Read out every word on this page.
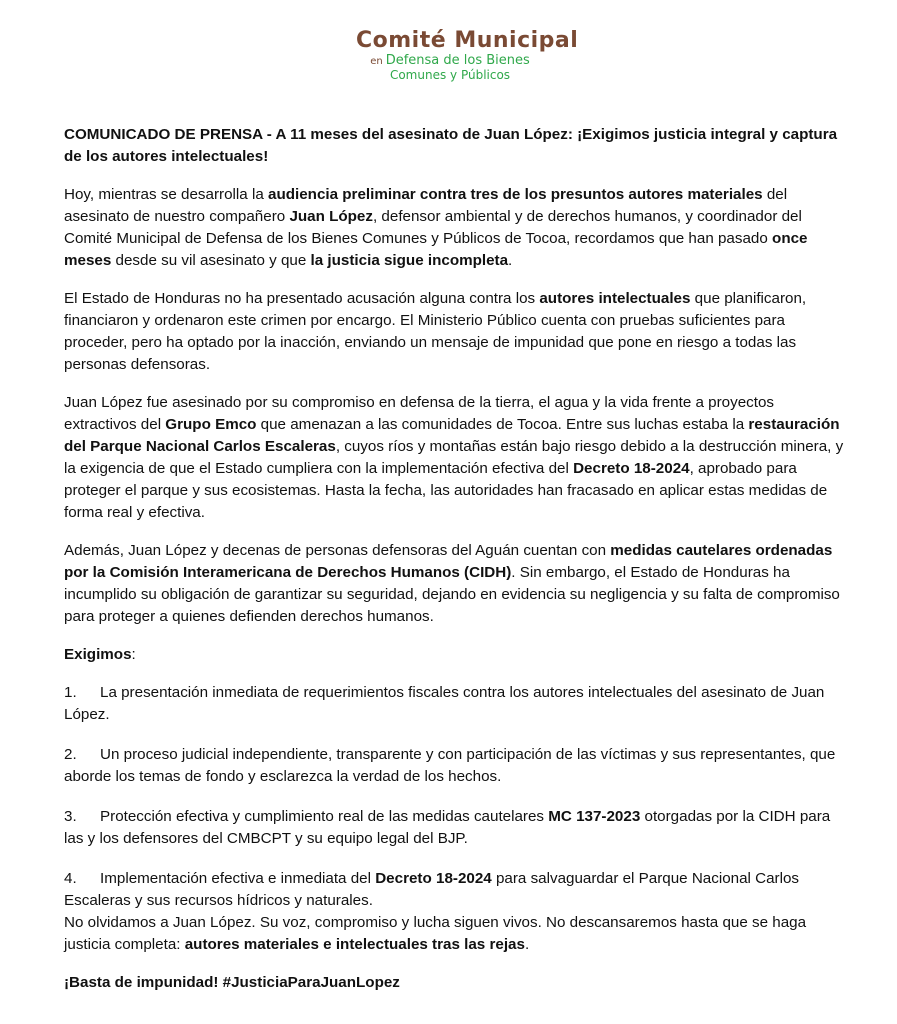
Comité Municipal
en Defensa de los Bienes
Comunes y Públicos
COMUNICADO DE PRENSA - A 11 meses del asesinato de Juan López: ¡Exigimos justicia integral y captura de los autores intelectuales!

Hoy, mientras se desarrolla la audiencia preliminar contra tres de los presuntos autores materiales del asesinato de nuestro compañero Juan López, defensor ambiental y de derechos humanos, y coordinador del Comité Municipal de Defensa de los Bienes Comunes y Públicos de Tocoa, recordamos que han pasado once meses desde su vil asesinato y que la justicia sigue incompleta.

El Estado de Honduras no ha presentado acusación alguna contra los autores intelectuales que planificaron, financiaron y ordenaron este crimen por encargo. El Ministerio Público cuenta con pruebas suficientes para proceder, pero ha optado por la inacción, enviando un mensaje de impunidad que pone en riesgo a todas las personas defensoras.

Juan López fue asesinado por su compromiso en defensa de la tierra, el agua y la vida frente a proyectos extractivos del Grupo Emco que amenazan a las comunidades de Tocoa. Entre sus luchas estaba la restauración del Parque Nacional Carlos Escaleras, cuyos ríos y montañas están bajo riesgo debido a la destrucción minera, y la exigencia de que el Estado cumpliera con la implementación efectiva del Decreto 18-2024, aprobado para proteger el parque y sus ecosistemas. Hasta la fecha, las autoridades han fracasado en aplicar estas medidas de forma real y efectiva.

Además, Juan López y decenas de personas defensoras del Aguán cuentan con medidas cautelares ordenadas por la Comisión Interamericana de Derechos Humanos (CIDH). Sin embargo, el Estado de Honduras ha incumplido su obligación de garantizar su seguridad, dejando en evidencia su negligencia y su falta de compromiso para proteger a quienes defienden derechos humanos.

Exigimos:

1. La presentación inmediata de requerimientos fiscales contra los autores intelectuales del asesinato de Juan López.
2. Un proceso judicial independiente, transparente y con participación de las víctimas y sus representantes, que aborde los temas de fondo y esclarezca la verdad de los hechos.
3. Protección efectiva y cumplimiento real de las medidas cautelares MC 137-2023 otorgadas por la CIDH para las y los defensores del CMBCPT y su equipo legal del BJP.
4. Implementación efectiva e inmediata del Decreto 18-2024 para salvaguardar el Parque Nacional Carlos Escaleras y sus recursos hídricos y naturales.
No olvidamos a Juan López. Su voz, compromiso y lucha siguen vivos. No descansaremos hasta que se haga justicia completa: autores materiales e intelectuales tras las rejas.
¡Basta de impunidad! #JusticiaParaJuanLopez
